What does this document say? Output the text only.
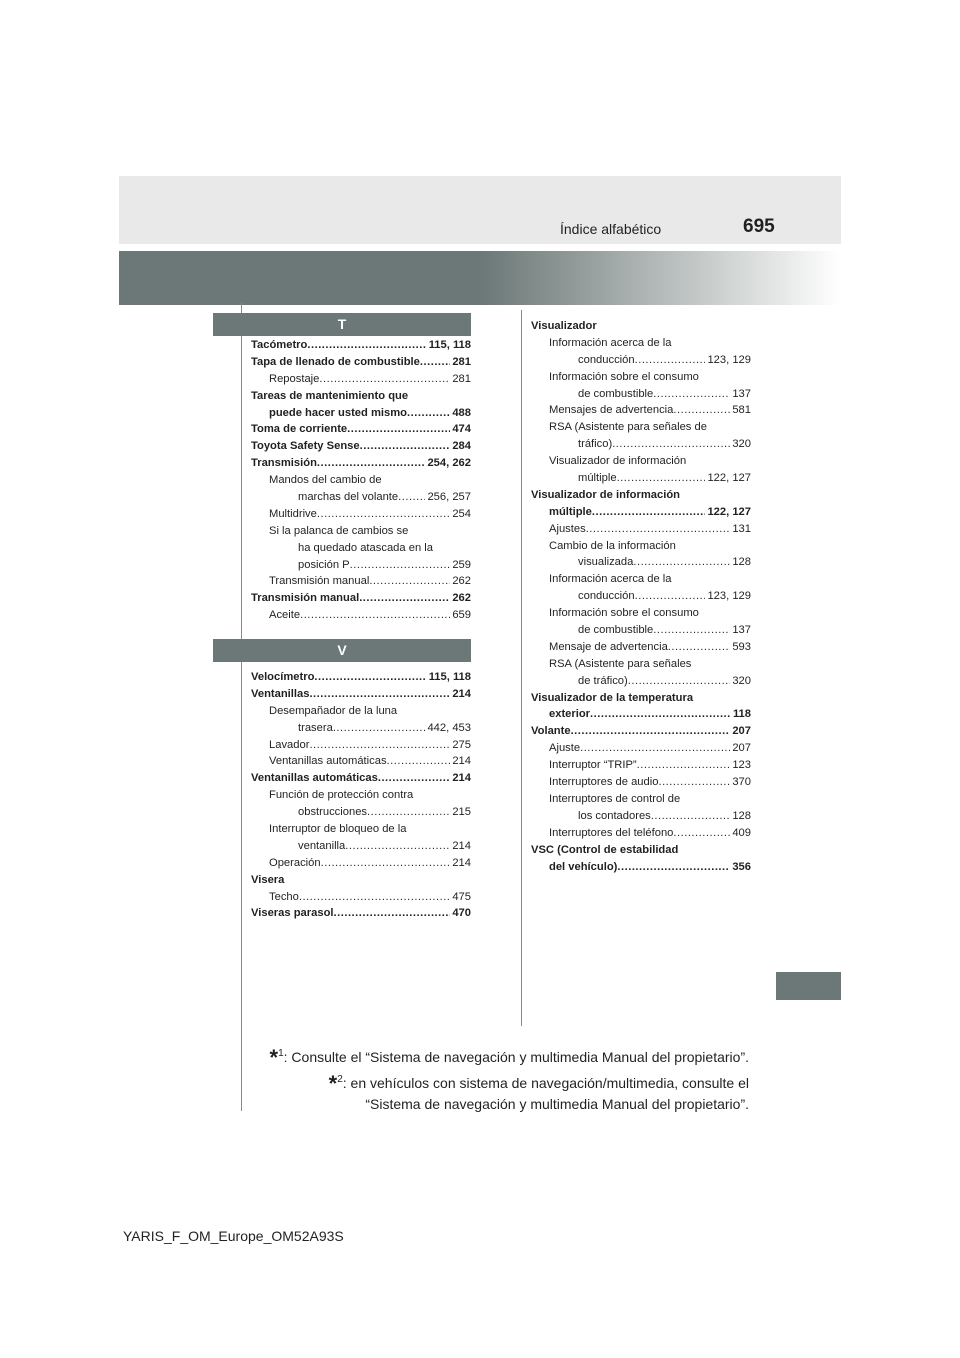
Índice alfabético	695
T
Tacómetro .....	115, 118
Tapa de llenado de combustible .....	281
Repostaje .....	281
Tareas de mantenimiento que
puede hacer usted mismo .....	488
Toma de corriente .....	474
Toyota Safety Sense .....	284
Transmisión .....	254, 262
Mandos del cambio de
marchas del volante .....	256, 257
Multidrive .....	254
Si la palanca de cambios se
ha quedado atascada en la
posición P .....	259
Transmisión manual .....	262
Transmisión manual .....	262
Aceite .....	659
V
Velocímetro .....	115, 118
Ventanillas .....	214
Desempañador de la luna
trasera .....	442, 453
Lavador .....	275
Ventanillas automáticas .....	214
Ventanillas automáticas .....	214
Función de protección contra
obstrucciones .....	215
Interruptor de bloqueo de la
ventanilla .....	214
Operación .....	214
Visera
Techo .....	475
Viseras parasol .....	470
Visualizador
Información acerca de la
conducción .....	123, 129
Información sobre el consumo
de combustible .....	137
Mensajes de advertencia .....	581
RSA (Asistente para señales de
tráfico) .....	320
Visualizador de información
múltiple .....	122, 127
Visualizador de información
múltiple .....	122, 127
Ajustes .....	131
Cambio de la información
visualizada .....	128
Información acerca de la
conducción .....	123, 129
Información sobre el consumo
de combustible .....	137
Mensaje de advertencia .....	593
RSA (Asistente para señales
de tráfico) .....	320
Visualizador de la temperatura
exterior .....	118
Volante .....	207
Ajuste .....	207
Interruptor “TRIP” .....	123
Interruptores de audio .....	370
Interruptores de control de
los contadores .....	128
Interruptores del teléfono .....	409
VSC (Control de estabilidad
del vehículo) .....	356
*$^1$: Consulte el “Sistema de navegación y multimedia Manual del propietario”.
*$^2$: en vehículos con sistema de navegación/multimedia, consulte el
“Sistema de navegación y multimedia Manual del propietario”.
YARIS_F_OM_Europe_OM52A93S
